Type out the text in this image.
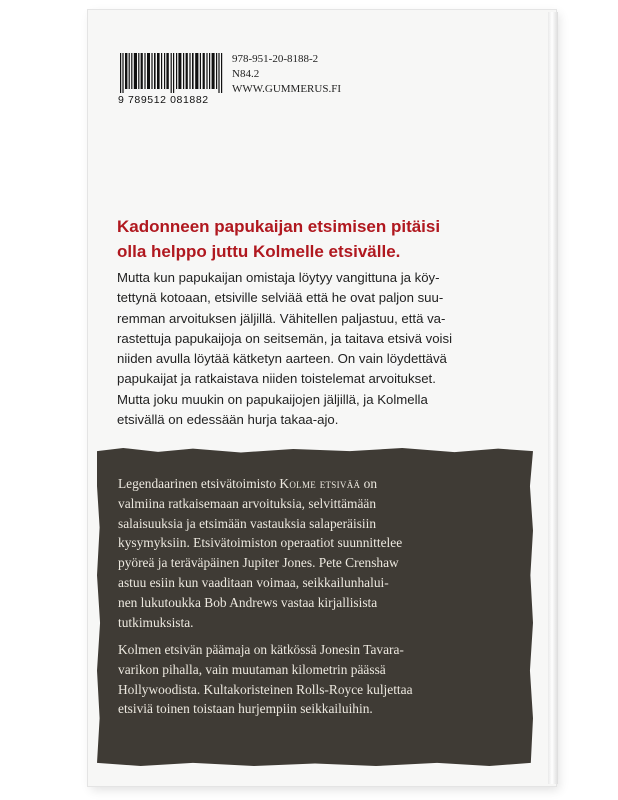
9 789512 081882
978-951-20-8188-2
N84.2
WWW.GUMMERUS.FI
Kadonneen papukaijan etsimisen pitäisi
olla helppo juttu Kolmelle etsivälle.
Mutta kun papukaijan omistaja löytyy vangittuna ja köy-
tettynä kotoaan, etsiville selviää että he ovat paljon suu-
remman arvoituksen jäljillä. Vähitellen paljastuu, että va-
rastettuja papukaijoja on seitsemän, ja taitava etsivä voisi
niiden avulla löytää kätketyn aarteen. On vain löydettävä
papukaijat ja ratkaistava niiden toistelemat arvoitukset.
Mutta joku muukin on papukaijojen jäljillä, ja Kolmella
etsivällä on edessään hurja takaa-ajo.
Legendaarinen etsivätoimisto Kolme etsivää on
valmiina ratkaisemaan arvoituksia, selvittämään
salaisuuksia ja etsimään vastauksia salaperäisiin
kysymyksiin. Etsivätoimiston operaatiot suunnittelee
pyöreä ja teräväpäinen Jupiter Jones. Pete Crenshaw
astuu esiin kun vaaditaan voimaa, seikkailunhalui-
nen lukutoukka Bob Andrews vastaa kirjallisista
tutkimuksista.
Kolmen etsivän päämaja on kätkössä Jonesin Tavara-
varikon pihalla, vain muutaman kilometrin päässä
Hollywoodista. Kultakoristeinen Rolls-Royce kuljettaa
etsiviä toinen toistaan hurjempiin seikkailuihin.
